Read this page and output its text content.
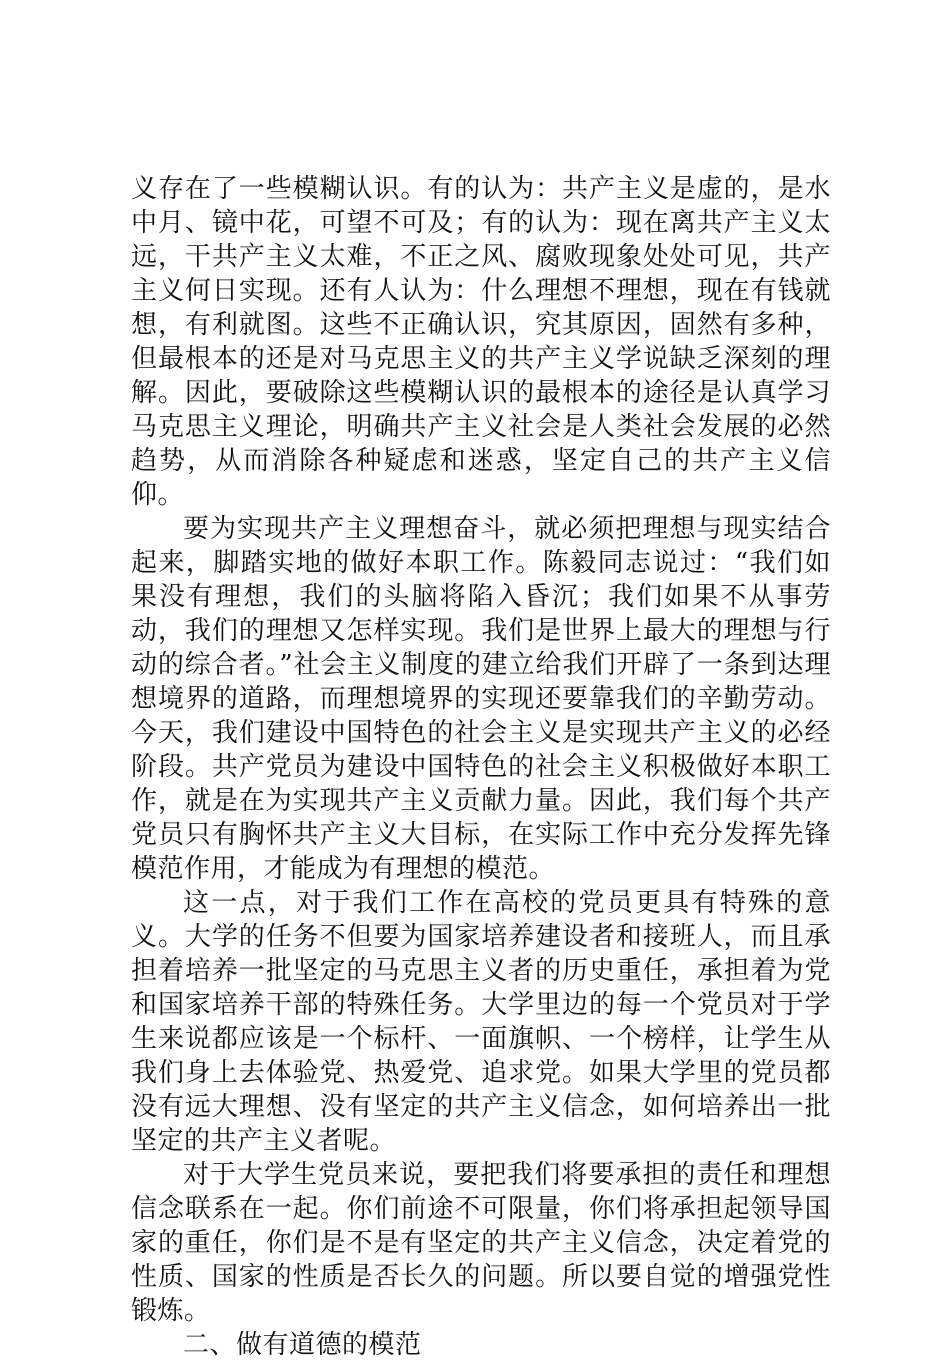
义存在了一些模糊认识。有的认为：共产主义是虚的，是水中月、镜中花，可望不可及；有的认为：现在离共产主义太远，干共产主义太难，不正之风、腐败现象处处可见，共产主义何日实现。还有人认为：什么理想不理想，现在有钱就想，有利就图。这些不正确认识，究其原因，固然有多种，但最根本的还是对马克思主义的共产主义学说缺乏深刻的理解。因此，要破除这些模糊认识的最根本的途径是认真学习马克思主义理论，明确共产主义社会是人类社会发展的必然趋势，从而消除各种疑虑和迷惑，坚定自己的共产主义信仰。

要为实现共产主义理想奋斗，就必须把理想与现实结合起来，脚踏实地的做好本职工作。陈毅同志说过：“我们如果没有理想，我们的头脑将陷入昏沉；我们如果不从事劳动，我们的理想又怎样实现。我们是世界上最大的理想与行动的综合者。”社会主义制度的建立给我们开辟了一条到达理想境界的道路，而理想境界的实现还要靠我们的辛勤劳动。今天，我们建设中国特色的社会主义是实现共产主义的必经阶段。共产党员为建设中国特色的社会主义积极做好本职工作，就是在为实现共产主义贡献力量。因此，我们每个共产党员只有胸怀共产主义大目标，在实际工作中充分发挥先锋模范作用，才能成为有理想的模范。

这一点，对于我们工作在高校的党员更具有特殊的意义。大学的任务不但要为国家培养建设者和接班人，而且承担着培养一批坚定的马克思主义者的历史重任，承担着为党和国家培养干部的特殊任务。大学里边的每一个党员对于学生来说都应该是一个标杆、一面旗帜、一个榜样，让学生从我们身上去体验党、热爱党、追求党。如果大学里的党员都没有远大理想、没有坚定的共产主义信念，如何培养出一批坚定的共产主义者呢。

对于大学生党员来说，要把我们将要承担的责任和理想信念联系在一起。你们前途不可限量，你们将承担起领导国家的重任，你们是不是有坚定的共产主义信念，决定着党的性质、国家的性质是否长久的问题。所以要自觉的增强党性锻炼。

二、做有道德的模范
